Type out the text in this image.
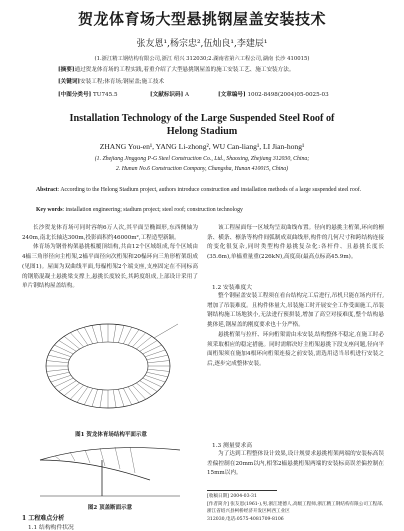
贺龙体育场大型悬挑钢屋盖安装技术
张友恩¹,杨宗忠²,伍灿良¹,李建辰¹
(1.浙江精工钢结构有限公司,浙江 绍兴 312030;2.湖南省第六工程公司,湖南 长沙 410015)
[摘要]通过贺龙体育场的工程实践,着重介绍了大型悬挑钢屋盖的施工安装工艺、施工安装方法。
[关键词]安装工程;体育场;钢屋盖;施工技术
[中图分类号] TU745.5	[文献标识码] A	[文章编号] 1002-8498(2004)05-0025-03
Installation Technology of the Large Suspended Steel Roof of
Helong Stadium
ZHANG You-en¹, YANG Li-zhong², WU Can-liang¹, LI Jian-hong¹
(1. Zhejiang Jinggong P-G Steel Construction Co., Ltd., Shaoxing, Zhejiang 312030, China;
2. Hunan No.6 Construction Company, Changsha, Hunan 410015, China)
Abstract: According to the Helong Stadium project, authors introduce construction and installation methods of a large suspended steel roof.
Key words: installation engineering; stadium project; steel roof; construction technology

长沙贺龙体育场可同时容纳6万人次,其平面呈椭圆形,东西侧轴为240m,南北长轴达300m,投影面积约46000m²,工程造型新颖。

体育场为钢骨构架悬挑板覆顶结构,共由12个区域组成,每个区域由4榀三角形径向主桁架,2榀平面径向次桁架和20榀环向三角形桁架组成(见图1)。屋面为双曲线平面,每榀桁架2个端支座,支座固定在不同标高的钢筋混凝土悬挑梁支撑上,悬挑长度较长,其跨度组成,上部设计采用了单片钢结构屋盖结构。

图1 贺龙体育场结构平面示意
图2 顶盖断面示意
1 工程难点分析
1.1 结构构件状况

该工程屋面每一区域均呈双曲线布置。径向的悬挑主桁架,环向的檩条、横条、檩条等构件间弧制成双曲线形,构件的几何尺寸和跨结构连接的变化很复杂,同时类型构件悬挑复杂化:各杆件、且悬挑长度长(35.6m),单榀重量重(226kN),高度高(最高点标高45.9m)。

1.2 安装难度大

整个钢屋盖安装工程须在看台结构完工后进行,吊机只能在场内开行,增加了吊装难度。且构件体量大,吊装施工时开展安全工作受面施工,吊装钢结构施工场地狭小,无法进行预拼装,增加了高空对接难度,整个结构悬挑体延,钢屋盖的刚度要求也十分严格。

悬挑桁架与拉杆、环向桁架需由未安装,结构整体不稳定,在施工时必须采取相应的稳定措施。同时需解决好主桁架悬挑下段支座问题,径向平面桁架须在施加4根环向桁架连接之前安装,需选用适当吊机进行安装之后,逐步完成整体安装。

1.3 测量要求高

为了达到工程整体设计效果,设计规要求悬挑桁架两端的安装标高误差偏控制在20mm以内,相邻2榀悬挑桁架两端的安装标高误差偏控制在15mm以内。

[收稿日期] 2004-03-31
[作者简介] 张友恩(1961-),男,浙江建德人,高级工程师,浙江精工钢结构有限公司工程部,浙江省绍兴县柯桥经济开发区柯西工业区
312030,电话:0575-4081709-8106
